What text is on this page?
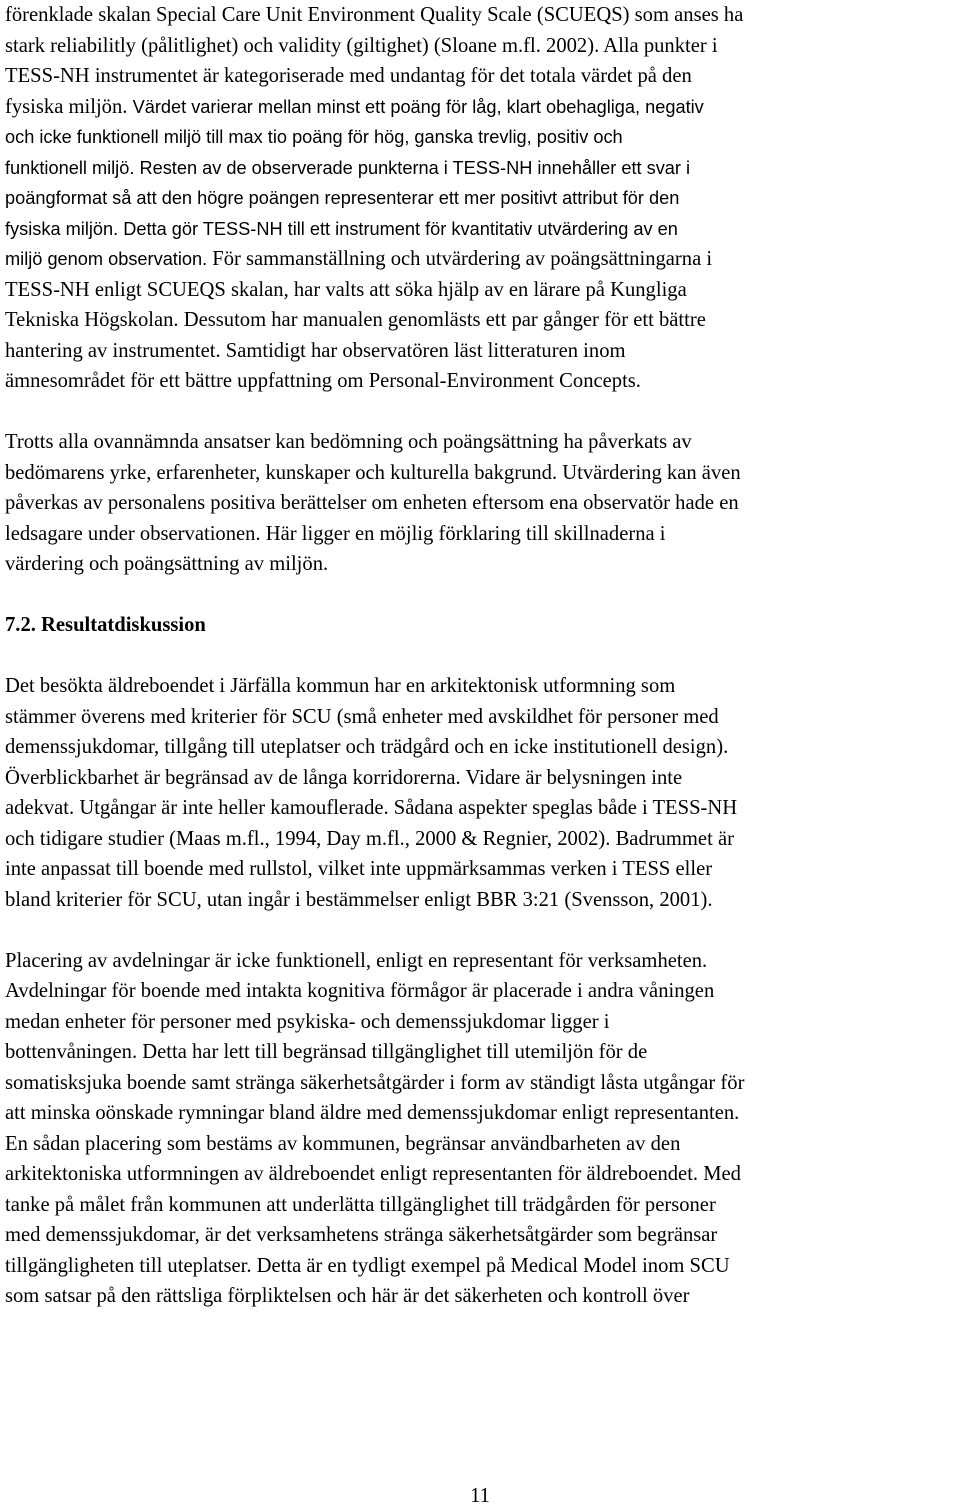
förenklade skalan Special Care Unit Environment Quality Scale (SCUEQS) som anses ha
stark reliabilitly (pålitlighet) och validity (giltighet) (Sloane m.fl. 2002). Alla punkter i
TESS-NH instrumentet är kategoriserade med undantag för det totala värdet på den
fysiska miljön. Värdet varierar mellan minst ett poäng för låg, klart obehagliga, negativ
och icke funktionell miljö till max tio poäng för hög, ganska trevlig, positiv och
funktionell miljö. Resten av de observerade punkterna i TESS-NH innehåller ett svar i
poängformat så att den högre poängen representerar ett mer positivt attribut för den
fysiska miljön. Detta gör TESS-NH till ett instrument för kvantitativ utvärdering av en
miljö genom observation. För sammanställning och utvärdering av poängsättningarna i
TESS-NH enligt SCUEQS skalan, har valts att söka hjälp av en lärare på Kungliga
Tekniska Högskolan. Dessutom har manualen genomlästs ett par gånger för ett bättre
hantering av instrumentet. Samtidigt har observatören läst litteraturen inom
ämnesområdet för ett bättre uppfattning om Personal-Environment Concepts.
Trotts alla ovannämnda ansatser kan bedömning och poängsättning ha påverkats av
bedömarens yrke, erfarenheter, kunskaper och kulturella bakgrund. Utvärdering kan även
påverkas av personalens positiva berättelser om enheten eftersom ena observatör hade en
ledsagare under observationen. Här ligger en möjlig förklaring till skillnaderna i
värdering och poängsättning av miljön.
7.2. Resultatdiskussion
Det besökta äldreboendet i Järfälla kommun har en arkitektonisk utformning som
stämmer överens med kriterier för SCU (små enheter med avskildhet för personer med
demenssjukdomar, tillgång till uteplatser och trädgård och en icke institutionell design).
Överblickbarhet är begränsad av de långa korridorerna. Vidare är belysningen inte
adekvat. Utgångar är inte heller kamouflerade. Sådana aspekter speglas både i TESS-NH
och tidigare studier (Maas m.fl., 1994, Day m.fl., 2000 & Regnier, 2002). Badrummet är
inte anpassat till boende med rullstol, vilket inte uppmärksammas verken i TESS eller
bland kriterier för SCU, utan ingår i bestämmelser enligt BBR 3:21 (Svensson, 2001).
Placering av avdelningar är icke funktionell, enligt en representant för verksamheten.
Avdelningar för boende med intakta kognitiva förmågor är placerade i andra våningen
medan enheter för personer med psykiska- och demenssjukdomar ligger i
bottenvåningen. Detta har lett till begränsad tillgänglighet till utemiljön för de
somatisksjuka boende samt stränga säkerhetsåtgärder i form av ständigt låsta utgångar för
att minska oönskade rymningar bland äldre med demenssjukdomar enligt representanten.
En sådan placering som bestäms av kommunen, begränsar användbarheten av den
arkitektoniska utformningen av äldreboendet enligt representanten för äldreboendet. Med
tanke på målet från kommunen att underlätta tillgänglighet till trädgården för personer
med demenssjukdomar, är det verksamhetens stränga säkerhetsåtgärder som begränsar
tillgängligheten till uteplatser. Detta är en tydligt exempel på Medical Model inom SCU
som satsar på den rättsliga förpliktelsen och här är det säkerheten och kontroll över
11
